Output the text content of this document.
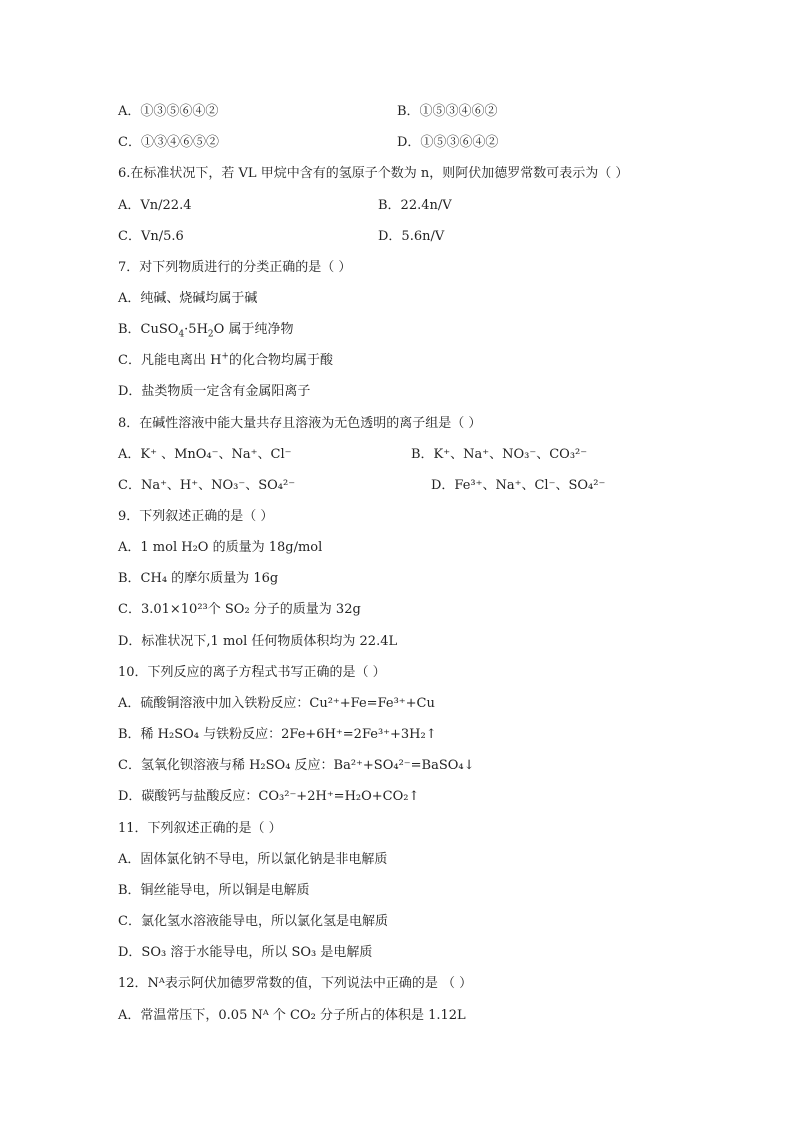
A．①③⑤⑥④②	B．①⑤③④⑥②
C．①③④⑥⑤②	D．①⑤③⑥④②
6.在标准状况下，若 VL 甲烷中含有的氢原子个数为 n，则阿伏加德罗常数可表示为（ ）
A．Vn/22.4	B．22.4n/V
C．Vn/5.6	D．5.6n/V
7．对下列物质进行的分类正确的是（ ）
A．纯碱、烧碱均属于碱
B．$CuSO_4\cdot 5H_2O$ 属于纯净物
C．凡能电离出 H+的化合物均属于酸
D．盐类物质一定含有金属阳离子
8．在碱性溶液中能大量共存且溶液为无色透明的离子组是（ ）
A．K⁺ 、MnO₄⁻、Na⁺、Cl⁻	B．K⁺、Na⁺、NO₃⁻、CO₃²⁻
C．Na⁺、H⁺、NO₃⁻、SO₄²⁻	D．Fe³⁺、Na⁺、Cl⁻、SO₄²⁻
9．下列叙述正确的是（ ）
A．1 mol H₂O 的质量为 18g/mol
B．CH₄ 的摩尔质量为 16g
C．3.01×10²³个 SO₂ 分子的质量为 32g
D．标准状况下,1 mol 任何物质体积均为 22.4L
10．下列反应的离子方程式书写正确的是（ ）
A．硫酸铜溶液中加入铁粉反应：Cu²⁺+Fe=Fe³⁺+Cu
B．稀 H₂SO₄ 与铁粉反应：2Fe+6H⁺=2Fe³⁺+3H₂↑
C．氢氧化钡溶液与稀 H₂SO₄ 反应：Ba²⁺+SO₄²⁻=BaSO₄↓
D．碳酸钙与盐酸反应：CO₃²⁻+2H⁺=H₂O+CO₂↑
11．下列叙述正确的是（ ）
A．固体氯化钠不导电，所以氯化钠是非电解质
B．铜丝能导电，所以铜是电解质
C．氯化氢水溶液能导电，所以氯化氢是电解质
D．SO₃ 溶于水能导电，所以 SO₃ 是电解质
12．Nᴬ表示阿伏加德罗常数的值，下列说法中正确的是 （ ）
A．常温常压下，0.05 Nᴬ 个 CO₂ 分子所占的体积是 1.12L
